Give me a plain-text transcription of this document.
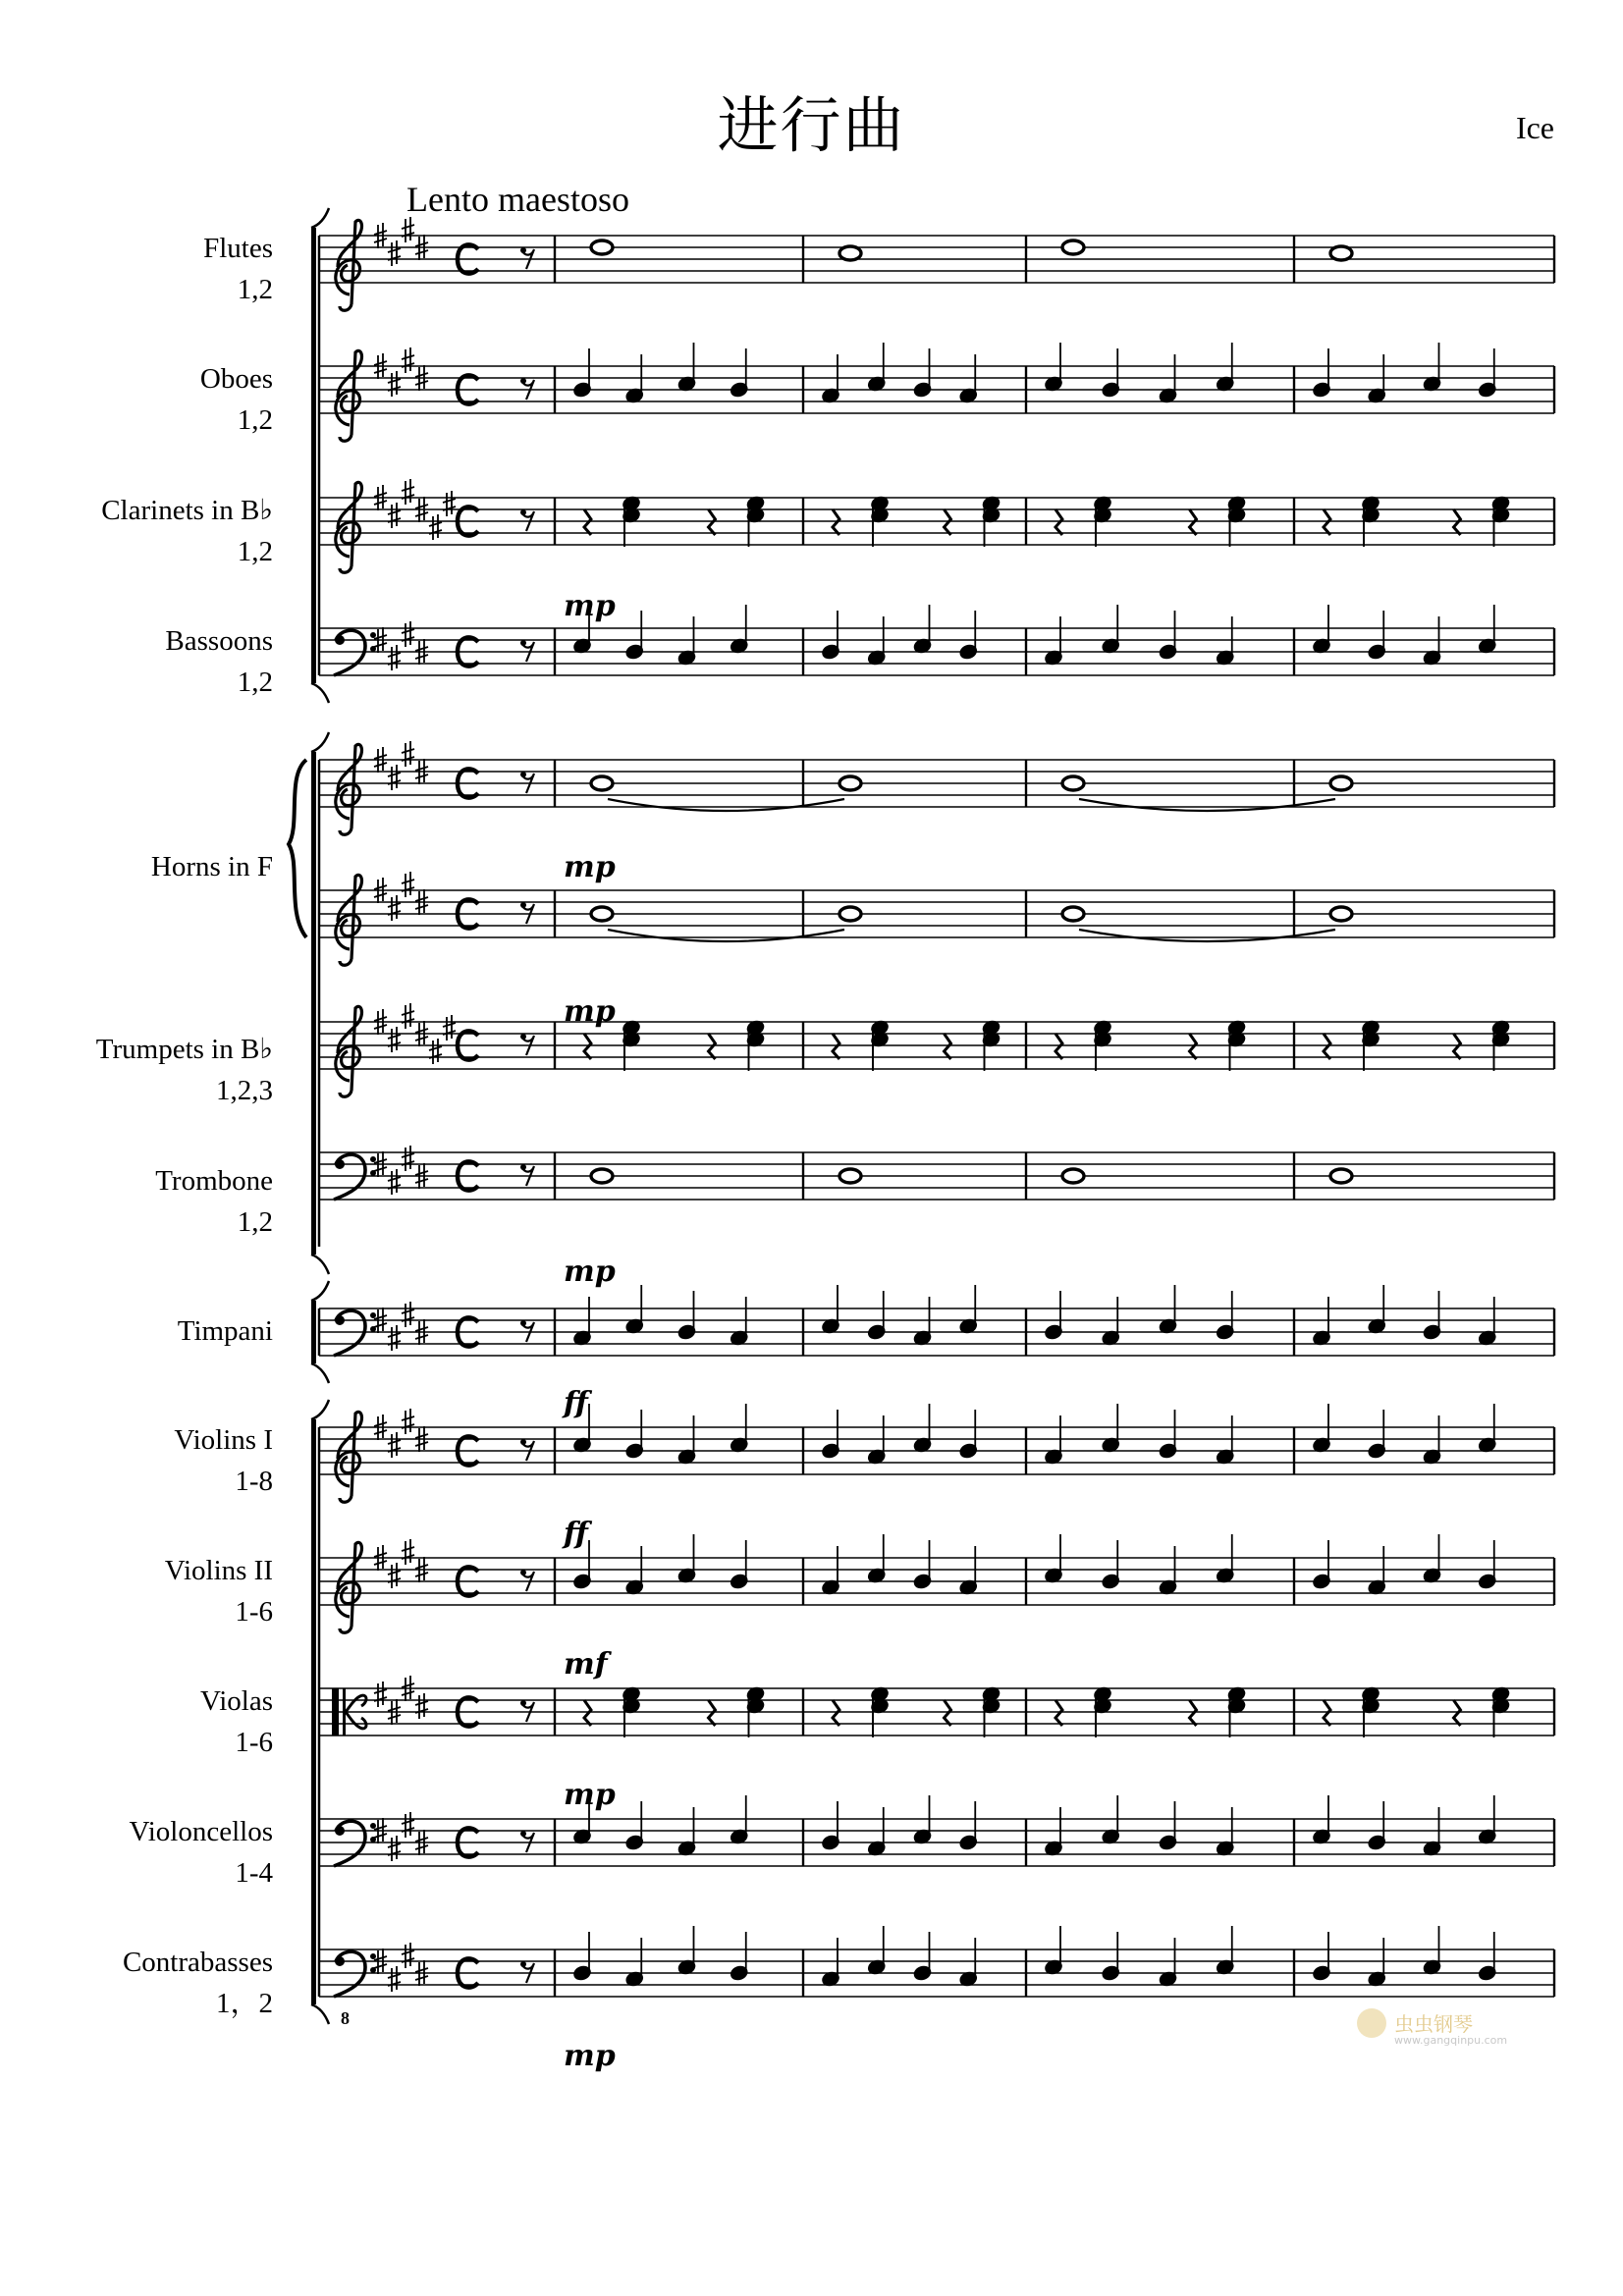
进行曲	Ice
Lento maestoso
Flutes
1,2
Oboes
1,2
Clarinets in B♭
1,2
Bassoons
1,2
Horns in F
Trumpets in B♭
1,2,3
Trombone
1,2
Timpani
Violins I
1-8
Violins II
1-6
Violas
1-6
Violoncellos
1-4
Contrabasses
1，2
mp
mp
mp
mp
ff
ff
mf
mp
mp
8	虫虫钢琴
www.gangqinpu.com
